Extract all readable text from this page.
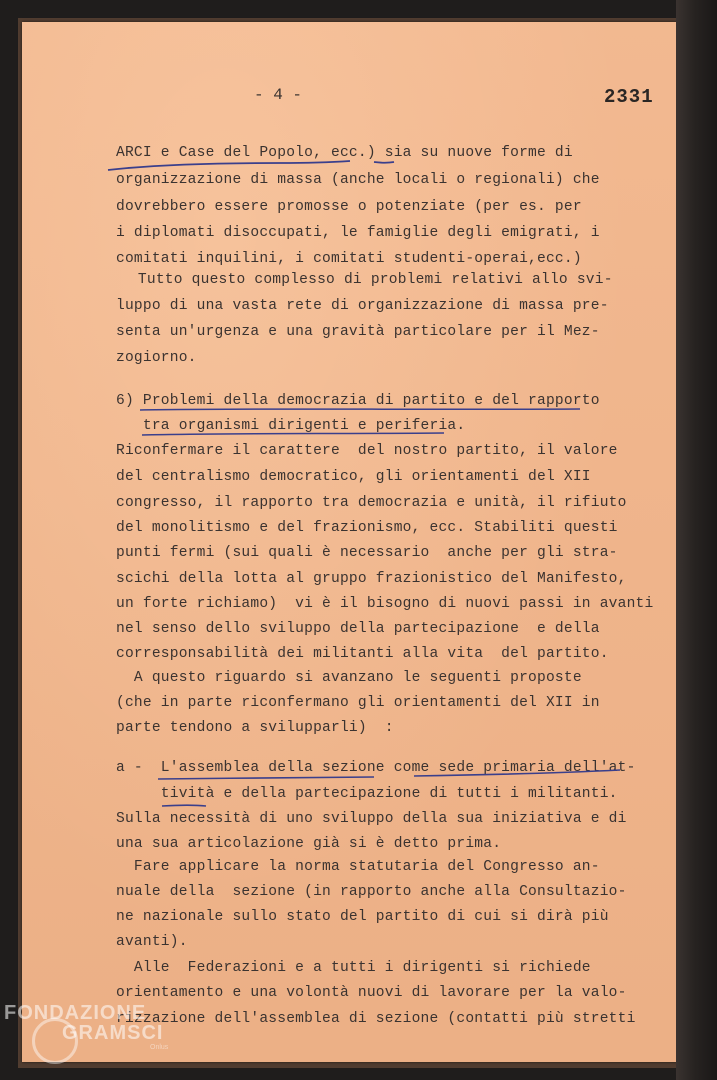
- 4 -	2331
ARCI e Case del Popolo, ecc.) sia su nuove forme di
organizzazione di massa (anche locali o regionali) che
dovrebbero essere promosse o potenziate (per es. per
i diplomati disoccupati, le famiglie degli emigrati, i
comitati inquilini, i comitati studenti-operai,ecc.)
Tutto questo complesso di problemi relativi allo svi-
luppo di una vasta rete di organizzazione di massa pre-
senta un'urgenza e una gravità particolare per il Mez-
zogiorno.
6) Problemi della democrazia di partito e del rapporto
tra organismi dirigenti e periferia.
Riconfermare il carattere  del nostro partito, il valore
del centralismo democratico, gli orientamenti del XII
congresso, il rapporto tra democrazia e unità, il rifiuto
del monolitismo e del frazionismo, ecc. Stabiliti questi
punti fermi (sui quali è necessario  anche per gli stra-
scichi della lotta al gruppo frazionistico del Manifesto,
un forte richiamo)  vi è il bisogno di nuovi passi in avanti
nel senso dello sviluppo della partecipazione  e della
corresponsabilità dei militanti alla vita  del partito.
A questo riguardo si avanzano le seguenti proposte
(che in parte riconfermano gli orientamenti del XII in
parte tendono a svilupparli)  :
a -  L'assemblea della sezione come sede primaria dell'at-
tività e della partecipazione di tutti i militanti.
Sulla necessità di uno sviluppo della sua iniziativa e di
una sua articolazione già si è detto prima.
Fare applicare la norma statutaria del Congresso an-
nuale della  sezione (in rapporto anche alla Consultazio-
ne nazionale sullo stato del partito di cui si dirà più
avanti).
Alle  Federazioni e a tutti i dirigenti si richiede
orientamento e una volontà nuovi di lavorare per la valo-
rizzazione dell'assemblea di sezione (contatti più stretti
FONDAZIONE
GRAMSCI
Onlus
